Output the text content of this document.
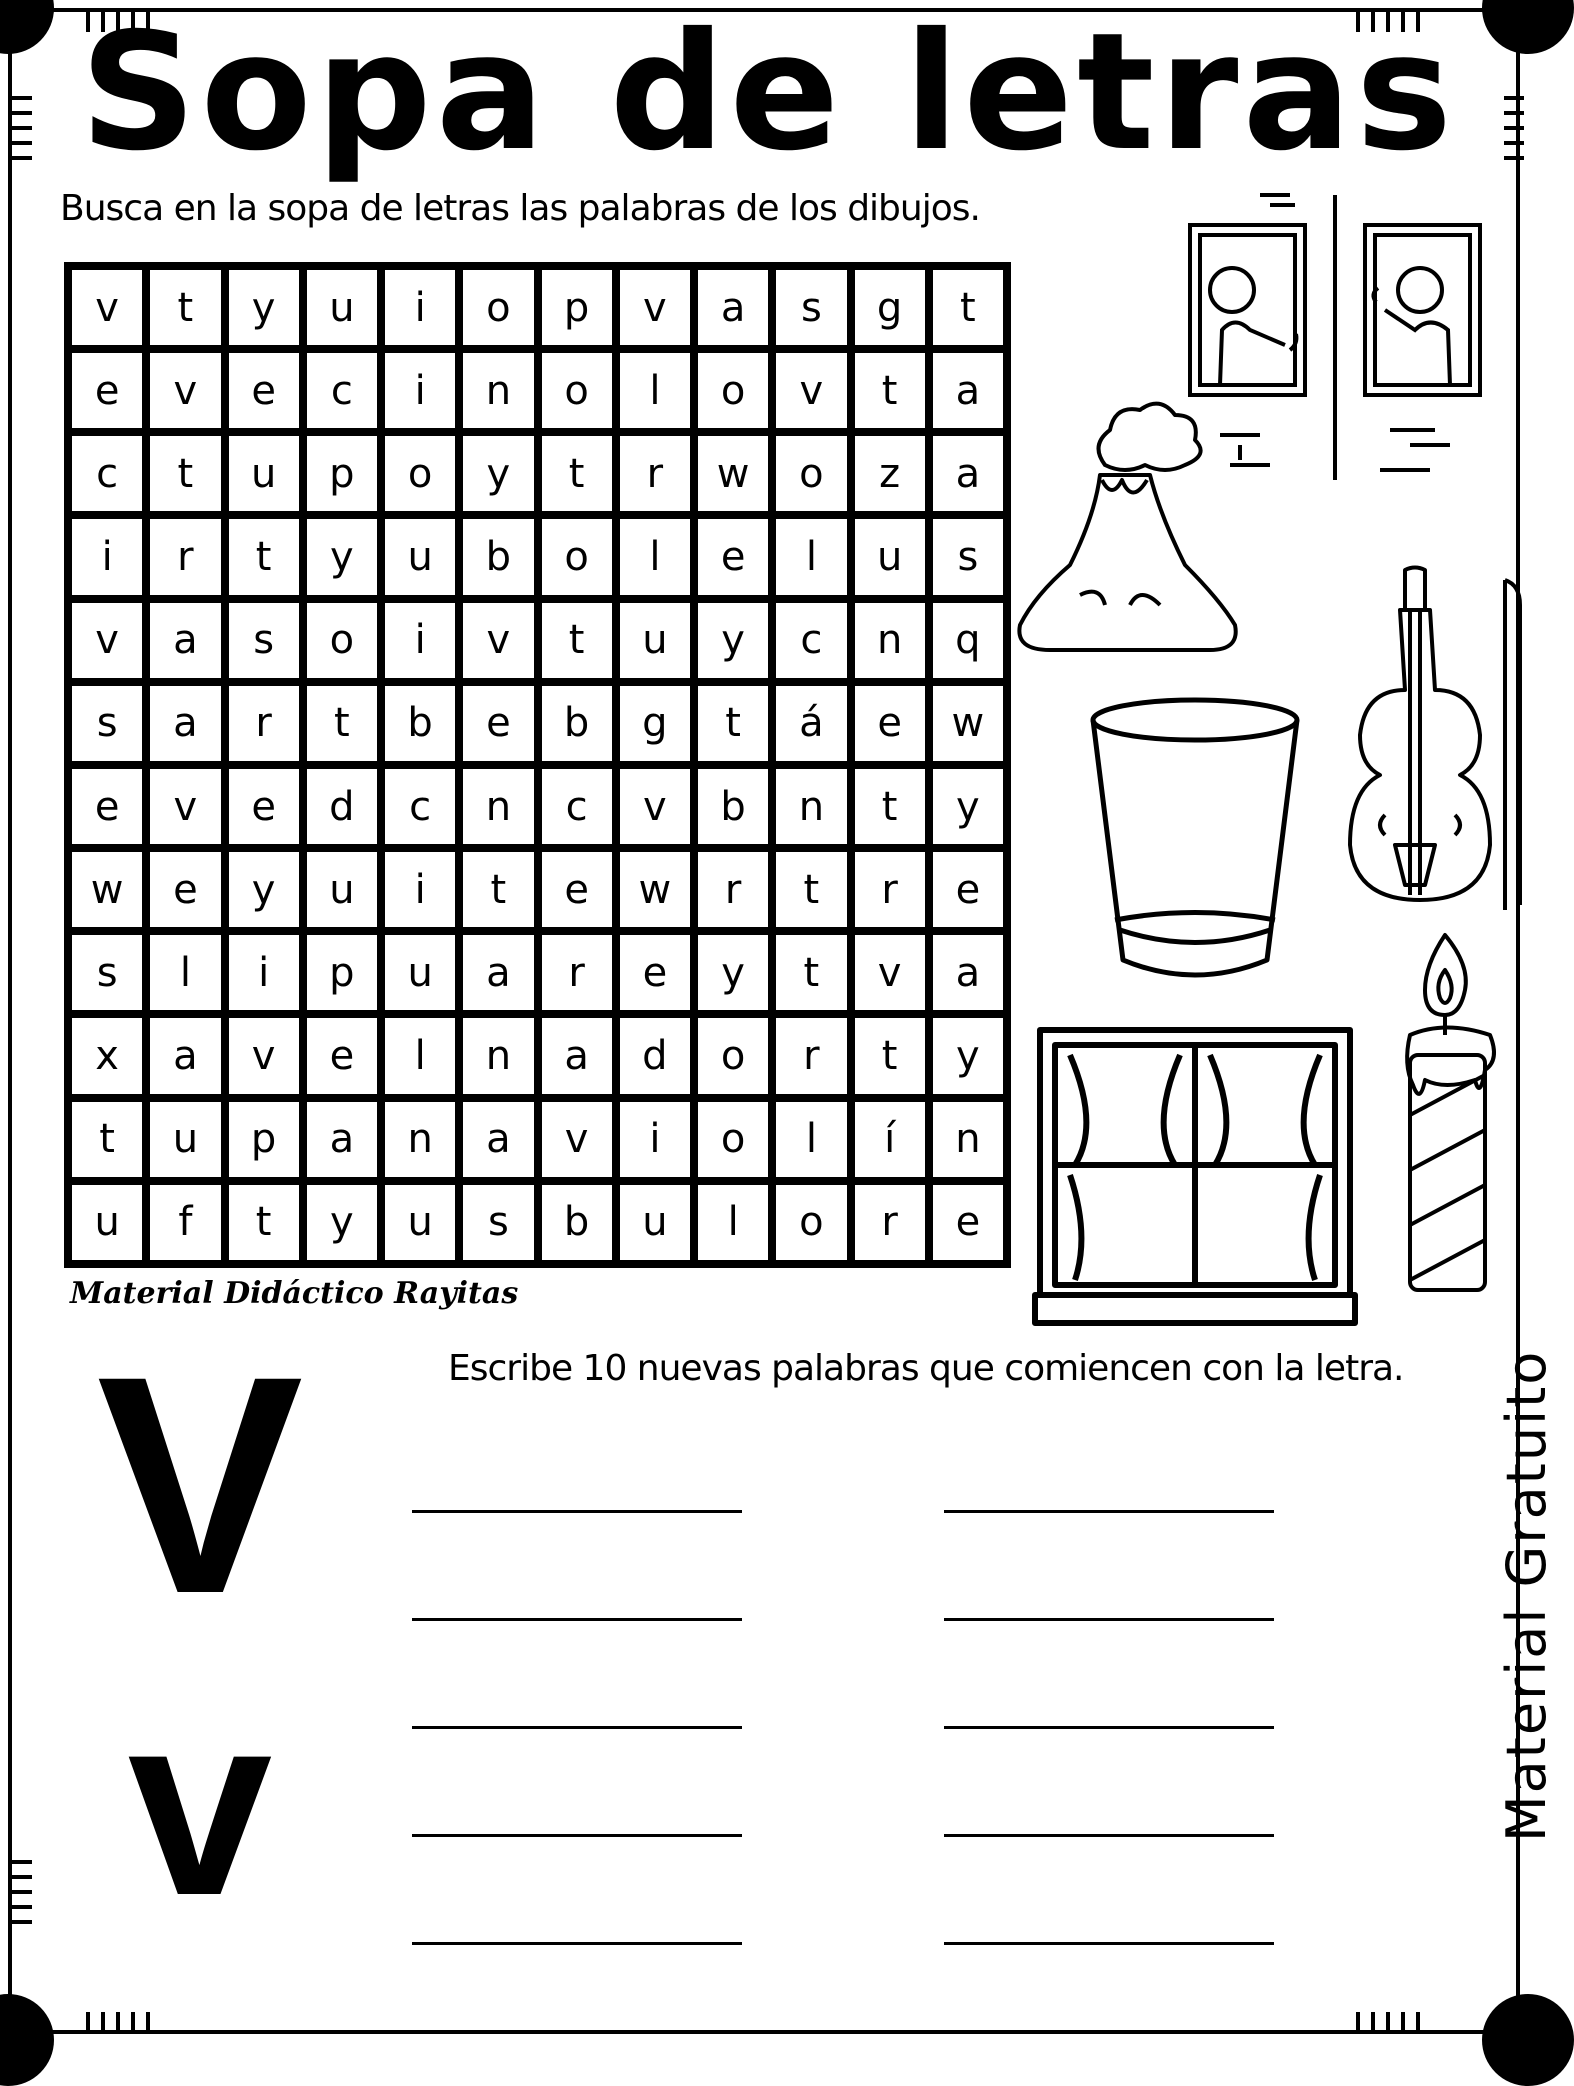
Sopa de letras
Busca en la sopa de letras las palabras de los dibujos.
v	t	y	u	i	o	p	v	a	s	g	t
e	v	e	c	i	n	o	l	o	v	t	a
c	t	u	p	o	y	t	r	w	o	z	a
i	r	t	y	u	b	o	l	e	l	u	s
v	a	s	o	i	v	t	u	y	c	n	q
s	a	r	t	b	e	b	g	t	á	e	w
e	v	e	d	c	n	c	v	b	n	t	y
w	e	y	u	i	t	e	w	r	t	r	e
s	l	i	p	u	a	r	e	y	t	v	a
x	a	v	e	l	n	a	d	o	r	t	y
t	u	p	a	n	a	v	i	o	l	í	n
u	f	t	y	u	s	b	u	l	o	r	e
Material Didáctico Rayitas
Escribe 10 nuevas palabras que comiencen con la letra.
V
v	Material Gratuito
